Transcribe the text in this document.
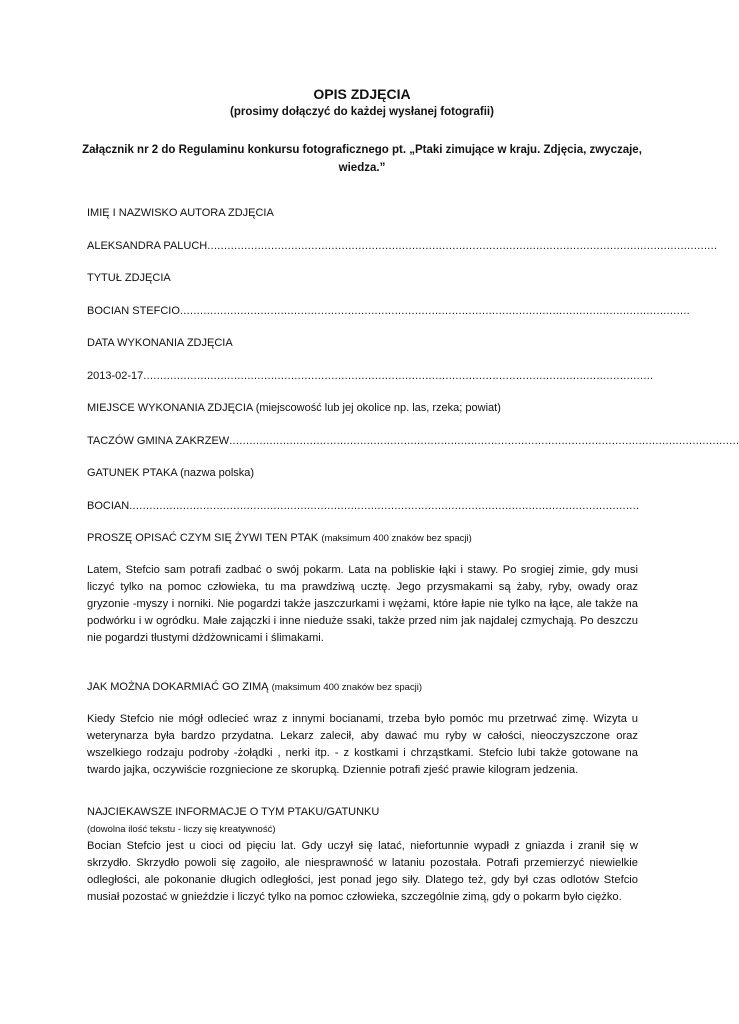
OPIS ZDJĘCIA
(prosimy dołączyć do każdej wysłanej fotografii)
Załącznik nr 2 do Regulaminu konkursu fotograficznego pt. „Ptaki zimujące w kraju. Zdjęcia, zwyczaje, wiedza.”
IMIĘ I NAZWISKO AUTORA ZDJĘCIA
ALEKSANDRA PALUCH........................................................................................................................................................
TYTUŁ ZDJĘCIA
BOCIAN STEFCIO........................................................................................................................................................
DATA WYKONANIA ZDJĘCIA
2013-02-17........................................................................................................................................................
MIEJSCE WYKONANIA ZDJĘCIA (miejscowość lub jej okolice np. las, rzeka; powiat)
TACZÓW GMINA ZAKRZEW........................................................................................................................................................
GATUNEK PTAKA (nazwa polska)
BOCIAN........................................................................................................................................................
PROSZĘ OPISAĆ CZYM SIĘ ŻYWI TEN PTAK (maksimum 400 znaków bez spacji)
Latem, Stefcio sam potrafi zadbać o swój pokarm. Lata na pobliskie łąki i stawy. Po srogiej zimie, gdy musi liczyć tylko na pomoc człowieka, tu ma prawdziwą ucztę. Jego przysmakami są żaby, ryby, owady oraz gryzonie -myszy i norniki. Nie pogardzi także jaszczurkami i wężami, które łapie nie tylko na łące, ale także na podwórku i w ogródku. Małe zajączki i inne nieduże ssaki, także przed nim jak najdalej czmychają. Po deszczu nie pogardzi tłustymi dżdżownicami i ślimakami.
JAK MOŻNA DOKARMIAĆ GO ZIMĄ (maksimum 400 znaków bez spacji)
Kiedy Stefcio nie mógł odlecieć wraz z innymi bocianami, trzeba było pomóc mu przetrwać zimę. Wizyta u weterynarza była bardzo przydatna. Lekarz zalecił, aby dawać mu ryby w całości, nieoczyszczone oraz wszelkiego rodzaju podroby -żołądki , nerki itp. - z kostkami i chrząstkami. Stefcio lubi także gotowane na twardo jajka, oczywiście rozgniecione ze skorupką. Dziennie potrafi zjeść prawie kilogram jedzenia.
NAJCIEKAWSZE INFORMACJE O TYM PTAKU/GATUNKU
(dowolna ilość tekstu - liczy się kreatywność)
Bocian Stefcio jest u cioci od pięciu lat. Gdy uczył się latać, niefortunnie wypadł z gniazda i zranił się w skrzydło. Skrzydło powoli się zagoiło, ale niesprawność w lataniu pozostała. Potrafi przemierzyć niewielkie odległości, ale pokonanie długich odległości, jest ponad jego siły. Dlatego też, gdy był czas odlotów Stefcio musiał pozostać w gnieździe i liczyć tylko na pomoc człowieka, szczególnie zimą, gdy o pokarm było ciężko.
